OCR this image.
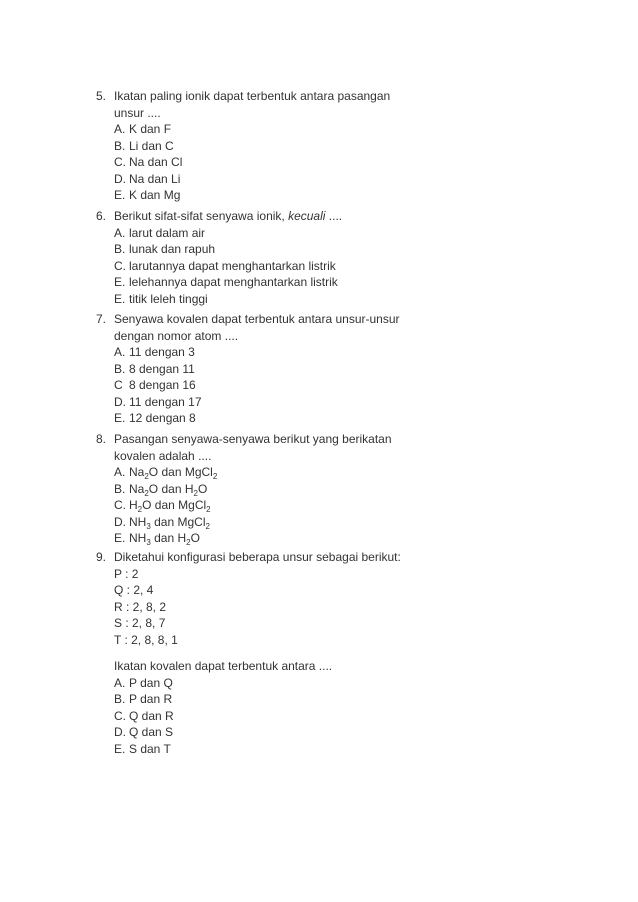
5. Ikatan paling ionik dapat terbentuk antara pasangan
unsur ....
A. K dan F
B. Li dan C
C. Na dan Cl
D. Na dan Li
E. K dan Mg
6. Berikut sifat-sifat senyawa ionik, kecuali ....
A. larut dalam air
B. lunak dan rapuh
C. larutannya dapat menghantarkan listrik
E. lelehannya dapat menghantarkan listrik
E. titik leleh tinggi
7. Senyawa kovalen dapat terbentuk antara unsur-unsur
dengan nomor atom ....
A. 11 dengan 3
B. 8 dengan 11
C 8 dengan 16
D. 11 dengan 17
E. 12 dengan 8
8. Pasangan senyawa-senyawa berikut yang berikatan
kovalen adalah ....
A. $Na_2O$ dan MgCl$_2$
B. $Na_2O$ dan $H_2O$
C. $H_2O$ dan MgCl$_2$
D. $NH_3$ dan MgCl$_2$
E. $NH_3$ dan $H_2O$
9. Diketahui konfigurasi beberapa unsur sebagai berikut:
P : 2
Q : 2, 4
R : 2, 8, 2
S : 2, 8, 7
T : 2, 8, 8, 1
Ikatan kovalen dapat terbentuk antara ....
A. P dan Q
B. P dan R
C. Q dan R
D. Q dan S
E. S dan T
